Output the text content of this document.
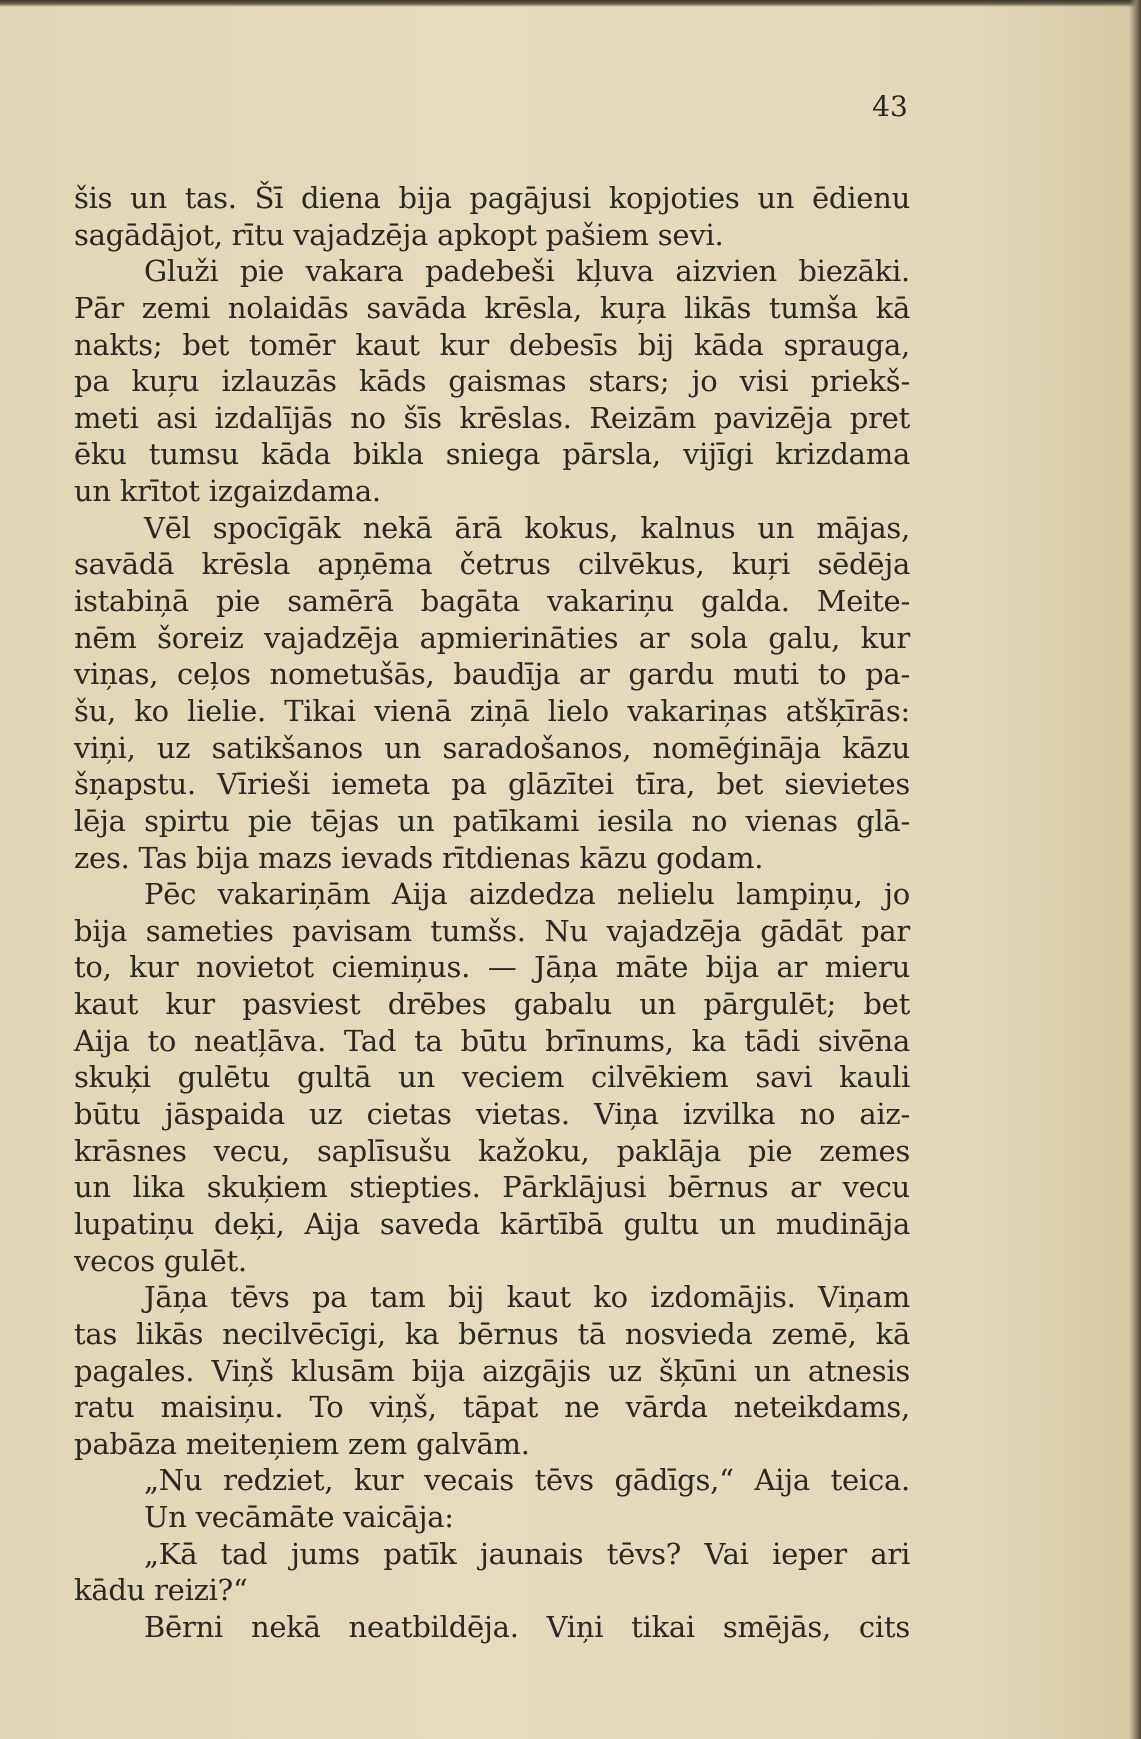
43
šis un tas. Šī diena bija pagājusi kopjoties un ēdienu
sagādājot, rītu vajadzēja apkopt pašiem sevi.
Gluži pie vakara padebeši kļuva aizvien biezāki.
Pār zemi nolaidās savāda krēsla, kuŗa likās tumša kā
nakts; bet tomēr kaut kur debesīs bij kāda sprauga,
pa kuŗu izlauzās kāds gaismas stars; jo visi priekš-
meti asi izdalījās no šīs krēslas. Reizām pavizēja pret
ēku tumsu kāda bikla sniega pārsla, vijīgi krizdama
un krītot izgaizdama.
Vēl spocīgāk nekā ārā kokus, kalnus un mājas,
savādā krēsla apņēma četrus cilvēkus, kuŗi sēdēja
istabiņā pie samērā bagāta vakariņu galda. Meite-
nēm šoreiz vajadzēja apmierināties ar sola galu, kur
viņas, ceļos nometušās, baudīja ar gardu muti to pa-
šu, ko lielie. Tikai vienā ziņā lielo vakariņas atšķīrās:
viņi, uz satikšanos un saradošanos, nomēģināja kāzu
šņapstu. Vīrieši iemeta pa glāzītei tīra, bet sievietes
lēja spirtu pie tējas un patīkami iesila no vienas glā-
zes. Tas bija mazs ievads rītdienas kāzu godam.
Pēc vakariņām Aija aizdedza nelielu lampiņu, jo
bija sameties pavisam tumšs. Nu vajadzēja gādāt par
to, kur novietot ciemiņus. — Jāņa māte bija ar mieru
kaut kur pasviest drēbes gabalu un pārgulēt; bet
Aija to neatļāva. Tad ta būtu brīnums, ka tādi sivēna
skuķi gulētu gultā un veciem cilvēkiem savi kauli
būtu jāspaida uz cietas vietas. Viņa izvilka no aiz-
krāsnes vecu, saplīsušu kažoku, paklāja pie zemes
un lika skuķiem stiepties. Pārklājusi bērnus ar vecu
lupatiņu deķi, Aija saveda kārtībā gultu un mudināja
vecos gulēt.
Jāņa tēvs pa tam bij kaut ko izdomājis. Viņam
tas likās necilvēcīgi, ka bērnus tā nosvieda zemē, kā
pagales. Viņš klusām bija aizgājis uz šķūni un atnesis
ratu maisiņu. To viņš, tāpat ne vārda neteikdams,
pabāza meiteņiem zem galvām.
„Nu redziet, kur vecais tēvs gādīgs,“ Aija teica.
Un vecāmāte vaicāja:
„Kā tad jums patīk jaunais tēvs? Vai ieper ari
kādu reizi?“
Bērni nekā neatbildēja. Viņi tikai smējās, cits
